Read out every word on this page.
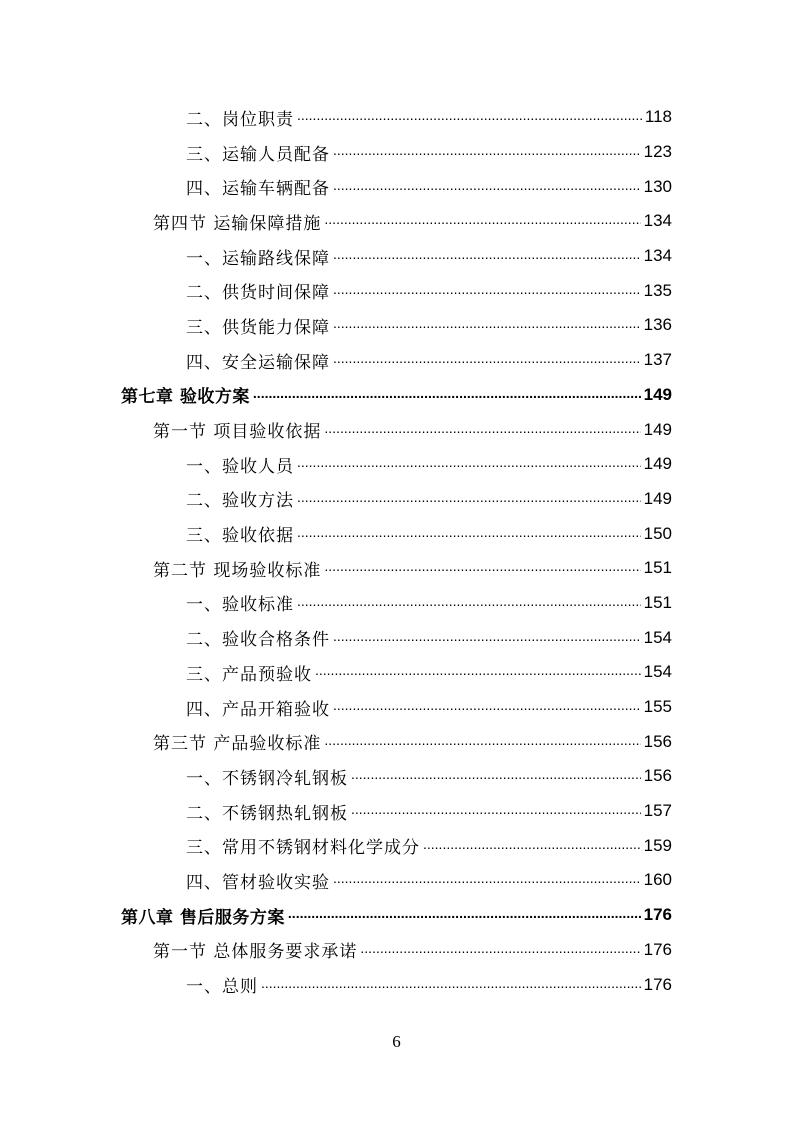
二、岗位职责 .....	118
三、运输人员配备 .....	123
四、运输车辆配备 .....	130
第四节 运输保障措施 .....	134
一、运输路线保障 .....	134
二、供货时间保障 .....	135
三、供货能力保障 .....	136
四、安全运输保障 .....	137
第七章 验收方案 .....	149
第一节 项目验收依据 .....	149
一、验收人员 .....	149
二、验收方法 .....	149
三、验收依据 .....	150
第二节 现场验收标准 .....	151
一、验收标准 .....	151
二、验收合格条件 .....	154
三、产品预验收 .....	154
四、产品开箱验收 .....	155
第三节 产品验收标准 .....	156
一、不锈钢冷轧钢板 .....	156
二、不锈钢热轧钢板 .....	157
三、常用不锈钢材料化学成分 .....	159
四、管材验收实验 .....	160
第八章 售后服务方案 .....	176
第一节 总体服务要求承诺 .....	176
一、总则 .....	176
6
